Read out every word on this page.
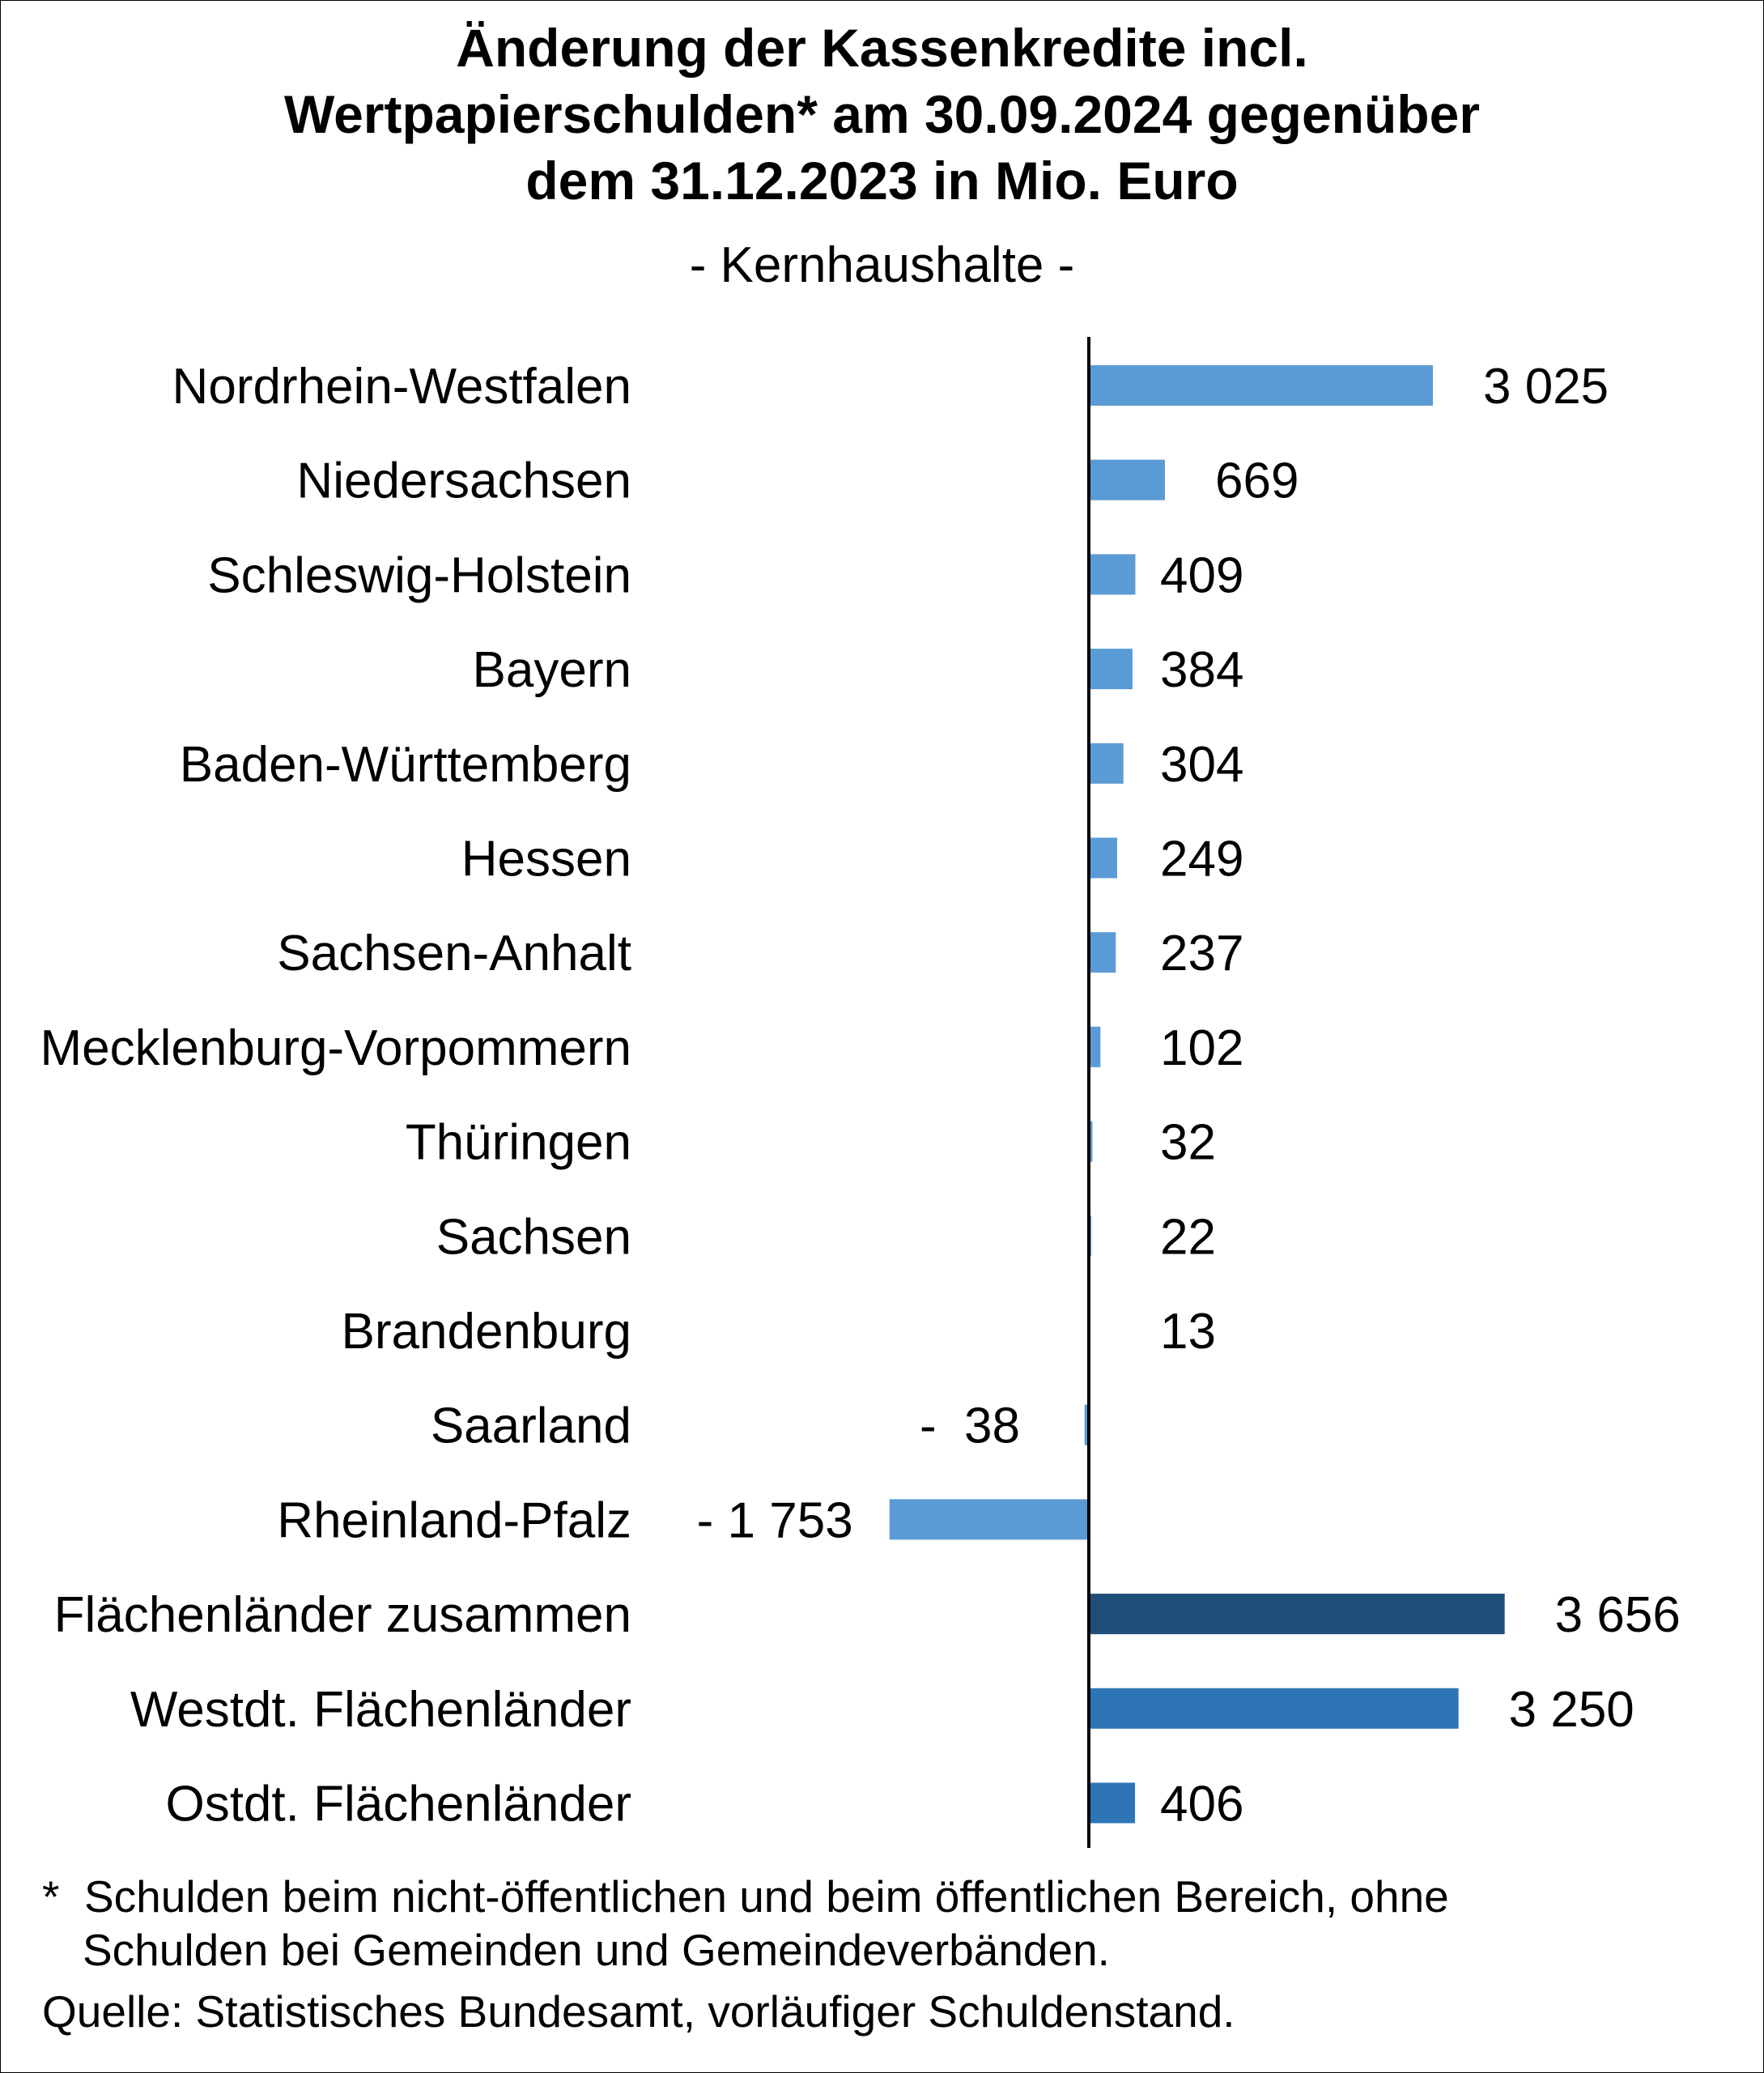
Änderung der Kassenkredite incl.
Wertpapierschulden* am 30.09.2024 gegenüber
dem 31.12.2023 in Mio. Euro
- Kernhaushalte -
Nordrhein-Westfalen	3 025
Niedersachsen	669
Schleswig-Holstein	409
Bayern	384
Baden-Württemberg	304
Hessen	249
Sachsen-Anhalt	237
Mecklenburg-Vorpommern	102
Thüringen	32
Sachsen	22
Brandenburg	13
Saarland	-  38
Rheinland-Pfalz - 1 753
Flächenländer zusammen	3 656
Westdt. Flächenländer	3 250
Ostdt. Flächenländer	406
* Schulden beim nicht-öffentlichen und beim öffentlichen Bereich, ohne
Schulden bei Gemeinden und Gemeindeverbänden.
Quelle: Statistisches Bundesamt, vorläufiger Schuldenstand.
